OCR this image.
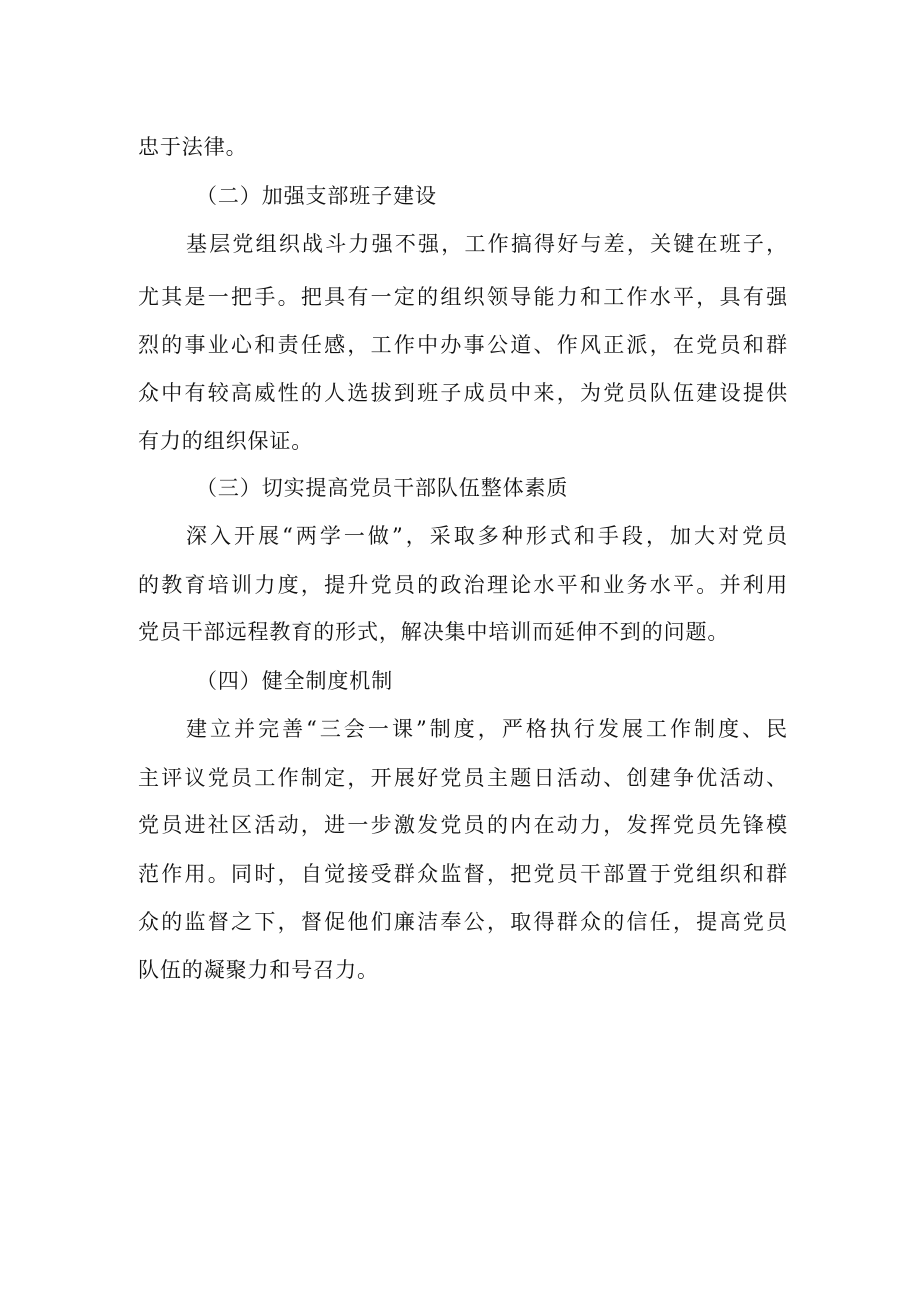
忠于法律。
（二）加强支部班子建设
基层党组织战斗力强不强，工作搞得好与差，关键在班子，
尤其是一把手。把具有一定的组织领导能力和工作水平，具有强
烈的事业心和责任感，工作中办事公道、作风正派，在党员和群
众中有较高威性的人选拔到班子成员中来，为党员队伍建设提供
有力的组织保证。
（三）切实提高党员干部队伍整体素质
深入开展“两学一做”，采取多种形式和手段，加大对党员
的教育培训力度，提升党员的政治理论水平和业务水平。并利用
党员干部远程教育的形式，解决集中培训而延伸不到的问题。
（四）健全制度机制
建立并完善“三会一课”制度，严格执行发展工作制度、民
主评议党员工作制定，开展好党员主题日活动、创建争优活动、
党员进社区活动，进一步激发党员的内在动力，发挥党员先锋模
范作用。同时，自觉接受群众监督，把党员干部置于党组织和群
众的监督之下，督促他们廉洁奉公，取得群众的信任，提高党员
队伍的凝聚力和号召力。
